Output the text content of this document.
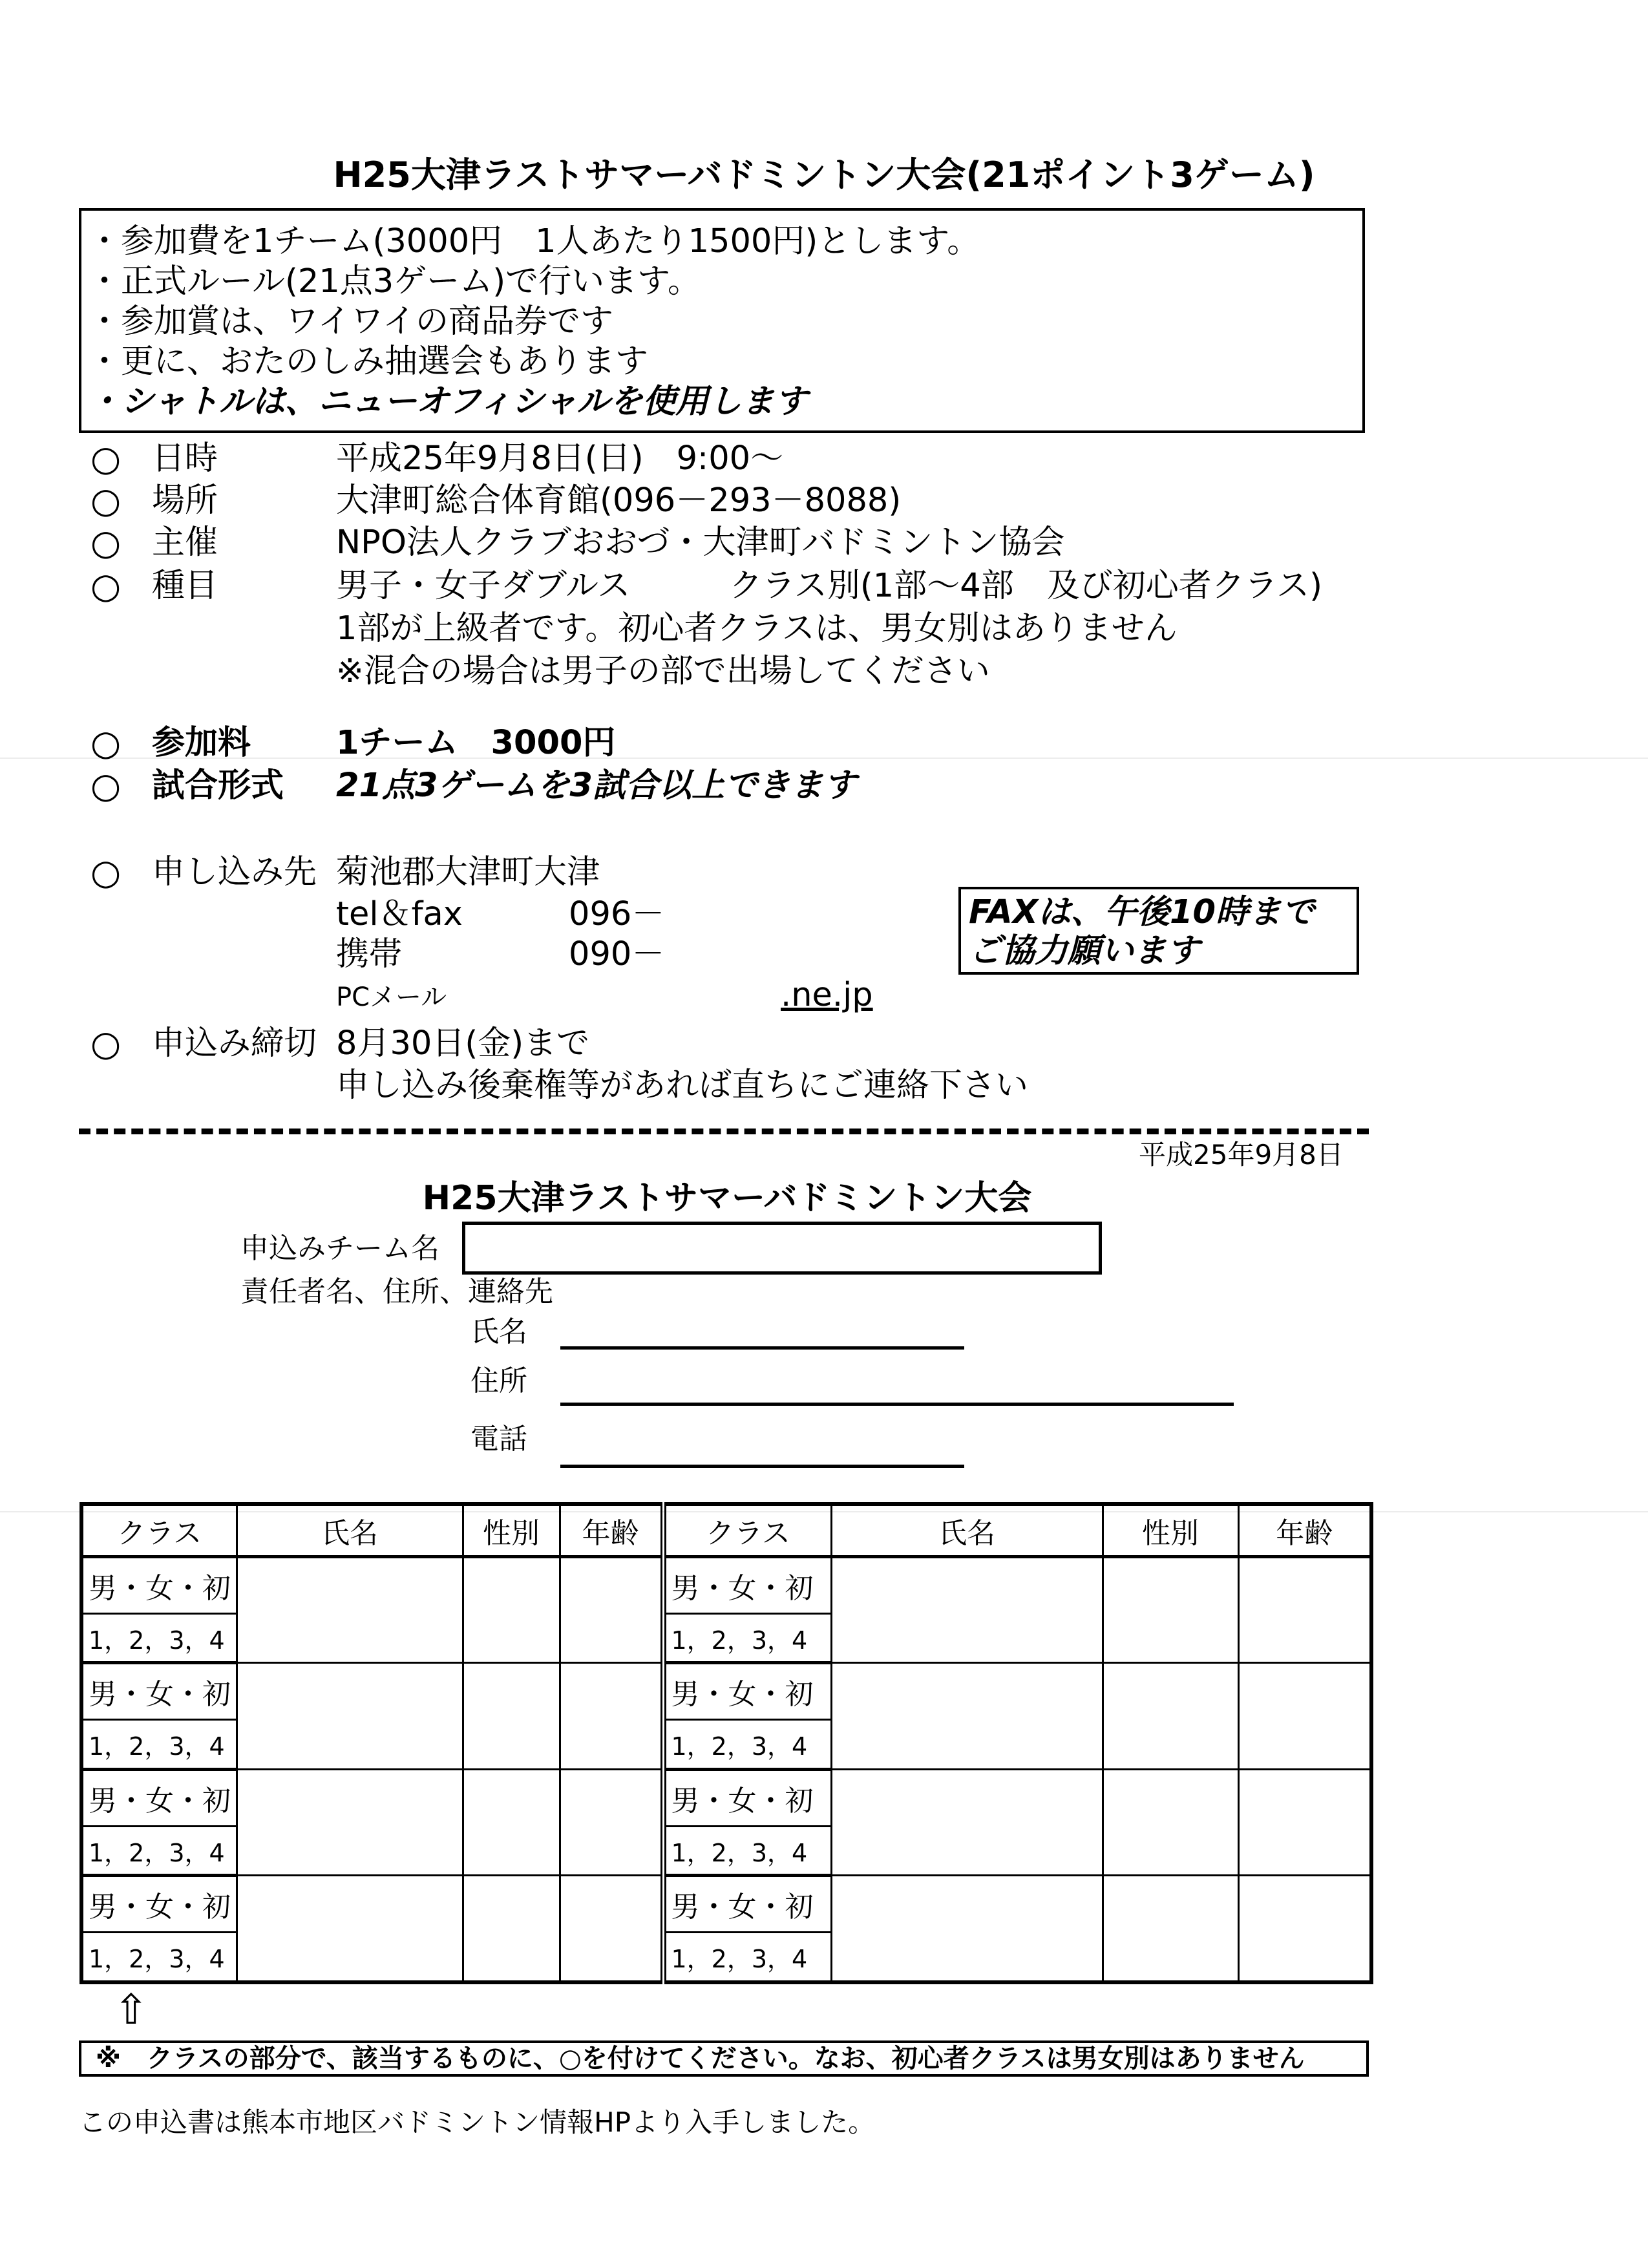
H25大津ラストサマーバドミントン大会(21ポイント3ゲーム)
・参加費を1チーム(3000円　1人あたり1500円)とします。
・正式ルール(21点3ゲーム)で行います。
・参加賞は、ワイワイの商品券です
・更に、おたのしみ抽選会もあります
・シャトルは、ニューオフィシャルを使用します
○ 日時	平成25年9月8日(日)　9:00～
○ 場所	大津町総合体育館(096－293－8088)
○ 主催	NPO法人クラブおおづ・大津町バドミントン協会
○ 種目	男子・女子ダブルス　　　クラス別(1部～4部　及び初心者クラス)
1部が上級者です。初心者クラスは、男女別はありません
※混合の場合は男子の部で出場してください
○ 参加料	1チーム　3000円
○ 試合形式 21点3ゲームを3試合以上できます
○ 申し込み先 菊池郡大津町大津
tel＆fax	096－
携帯	090－
PCメール	.ne.jp
FAXは、午後10時まで
ご協力願います
○ 申込み締切 8月30日(金)まで
申し込み後棄権等があれば直ちにご連絡下さい
平成25年9月8日
H25大津ラストサマーバドミントン大会
申込みチーム名
責任者名、住所、連絡先
氏名
住所
電話
クラス	氏名	性別	年齢	クラス	氏名	性別	年齢
男・女・初				男・女・初			
1，2，3，4				1，2，3，4			
男・女・初				男・女・初			
1，2，3，4				1，2，3，4			
男・女・初				男・女・初			
1，2，3，4				1，2，3，4			
男・女・初				男・女・初			
1，2，3，4				1，2，3，4			
⇧
※　クラスの部分で、該当するものに、○を付けてください。なお、初心者クラスは男女別はありません
この申込書は熊本市地区バドミントン情報HPより入手しました。
